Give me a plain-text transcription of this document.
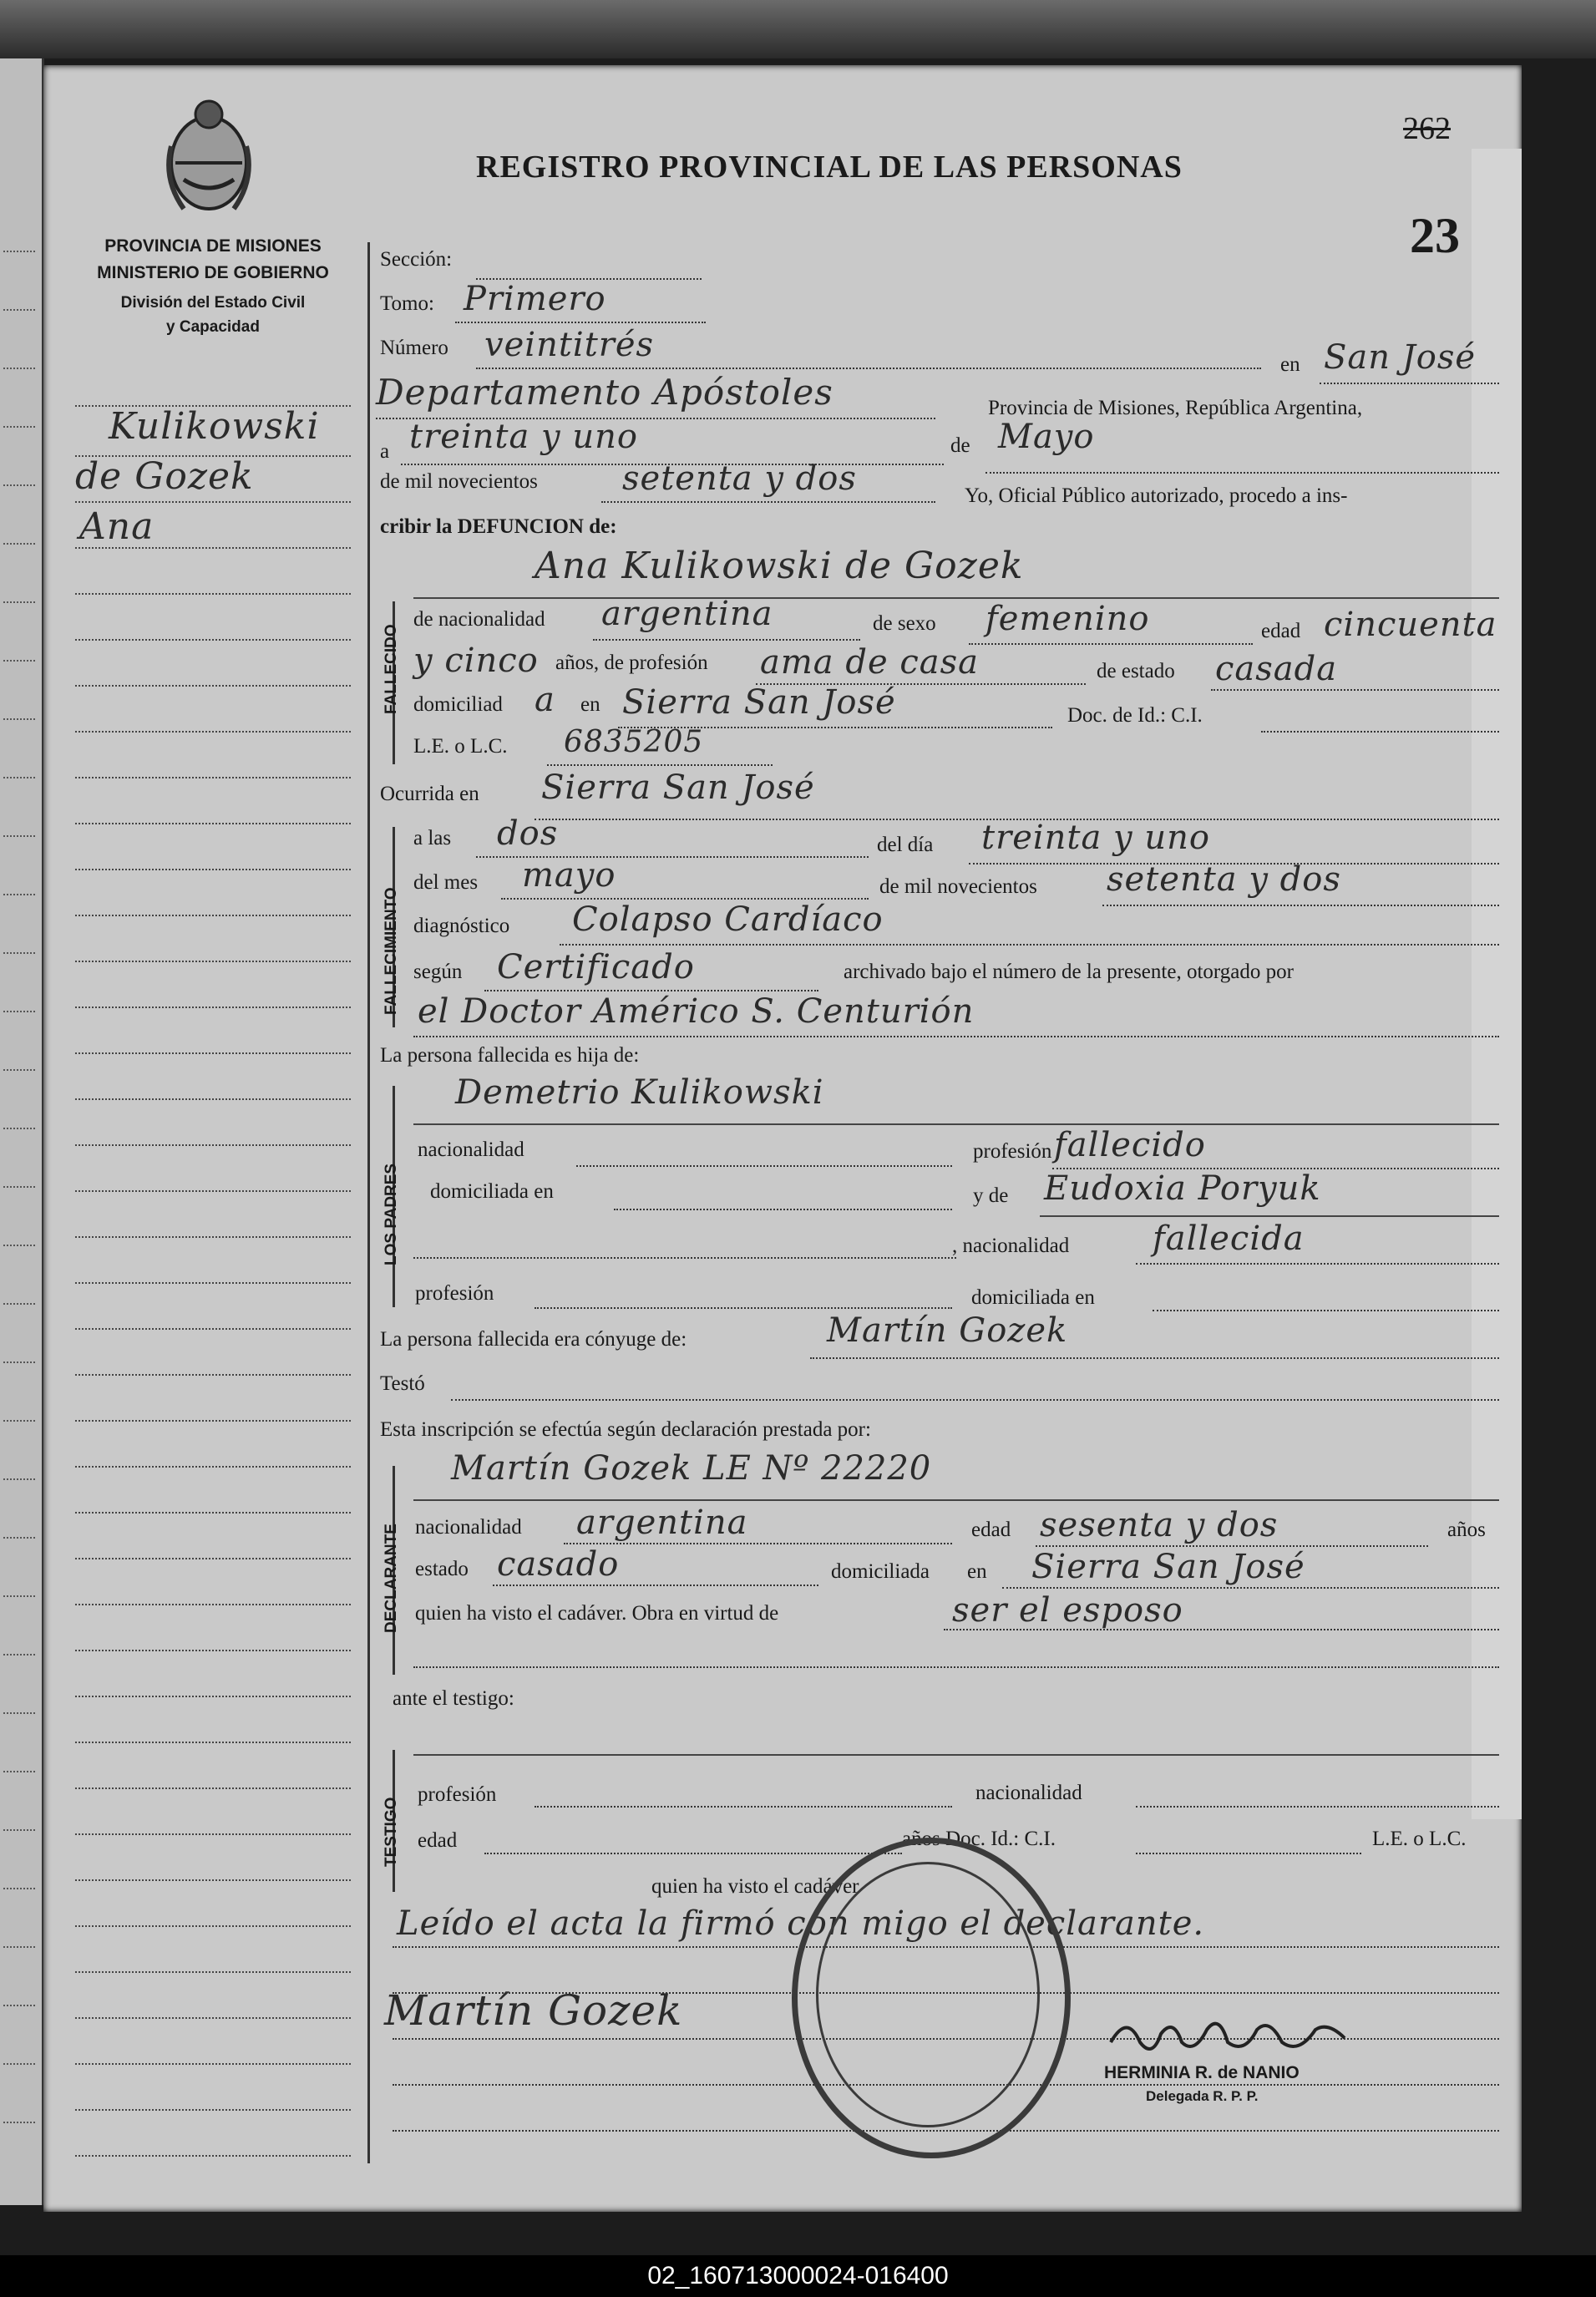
REGISTRO PROVINCIAL DE LAS PERSONAS
262
23
PROVINCIA DE MISIONES
MINISTERIO DE GOBIERNO
División del Estado Civil
y Capacidad
Kulikowski
de Gozek
Ana
Sección:
Tomo: Primero
Número veintitrés
en San José
Departamento Apóstoles	Provincia de Misiones, República Argentina,
a treinta y uno	de Mayo
de mil novecientos	setenta y dos	Yo, Oficial Público autorizado, procedo a ins-
cribir la DEFUNCION de:
FALLECIDO
Ana Kulikowski de Gozek
de nacionalidad argentina	de sexo femenino	edad cincuenta
y cinco años, de profesión ama de casa	de estado casada
domiciliad a en Sierra San José	Doc. de Id.: C.I.
L.E. o L.C. 6835205
Ocurrida en Sierra San José
FALLECIMIENTO
a las dos	del día treinta y uno
del mes mayo	de mil novecientos setenta y dos
diagnóstico Colapso Cardíaco
según Certificado	archivado bajo el número de la presente, otorgado por
el Doctor Américo S. Centurión
La persona fallecida es hija de:
LOS PADRES
Demetrio Kulikowski
nacionalidad	profesión fallecido
domiciliada en	y de Eudoxia Poryuk
, nacionalidad fallecida
profesión	domiciliada en
La persona fallecida era cónyuge de:	Martín Gozek
Testó
Esta inscripción se efectúa según declaración prestada por:
DECLARANTE
Martín Gozek LE Nº 22220
nacionalidad argentina	edad sesenta y dos	años
estado casado	domiciliada en Sierra San José
quien ha visto el cadáver. Obra en virtud de	ser el esposo
ante el testigo:
TESTIGO
profesión	nacionalidad
edad	años Doc. Id.: C.I.	L.E. o L.C.
quien ha visto el cadáver
Leído el acta la firmó con migo el declarante.
Martín Gozek
HERMINIA R. de NANIO
Delegada R. P. P.
02_160713000024-016400
